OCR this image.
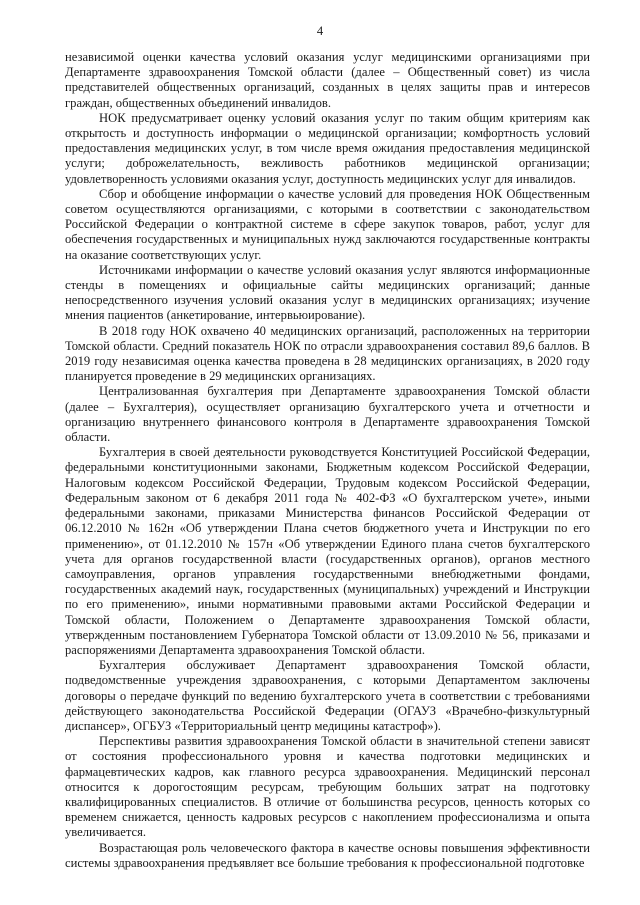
4

независимой оценки качества условий оказания услуг медицинскими организациями при Департаменте здравоохранения Томской области (далее – Общественный совет) из числа представителей общественных организаций, созданных в целях защиты прав и интересов граждан, общественных объединений инвалидов.

НОК предусматривает оценку условий оказания услуг по таким общим критериям как открытость и доступность информации о медицинской организации; комфортность условий предоставления медицинских услуг, в том числе время ожидания предоставления медицинской услуги; доброжелательность, вежливость работников медицинской организации; удовлетворенность условиями оказания услуг, доступность медицинских услуг для инвалидов.

Сбор и обобщение информации о качестве условий для проведения НОК Общественным советом осуществляются организациями, с которыми в соответствии с законодательством Российской Федерации о контрактной системе в сфере закупок товаров, работ, услуг для обеспечения государственных и муниципальных нужд заключаются государственные контракты на оказание соответствующих услуг.

Источниками информации о качестве условий оказания услуг являются информационные стенды в помещениях и официальные сайты медицинских организаций; данные непосредственного изучения условий оказания услуг в медицинских организациях; изучение мнения пациентов (анкетирование, интервьюирование).

В 2018 году НОК охвачено 40 медицинских организаций, расположенных на территории Томской области. Средний показатель НОК по отрасли здравоохранения составил 89,6 баллов. В 2019 году независимая оценка качества проведена в 28 медицинских организациях, в 2020 году планируется проведение в 29 медицинских организациях.

Централизованная бухгалтерия при Департаменте здравоохранения Томской области (далее – Бухгалтерия), осуществляет организацию бухгалтерского учета и отчетности и организацию внутреннего финансового контроля в Департаменте здравоохранения Томской области.

Бухгалтерия в своей деятельности руководствуется Конституцией Российской Федерации, федеральными конституционными законами, Бюджетным кодексом Российской Федерации, Налоговым кодексом Российской Федерации, Трудовым кодексом Российской Федерации, Федеральным законом от 6 декабря 2011 года № 402-ФЗ «О бухгалтерском учете», иными федеральными законами, приказами Министерства финансов Российской Федерации от 06.12.2010 № 162н «Об утверждении Плана счетов бюджетного учета и Инструкции по его применению», от 01.12.2010 № 157н «Об утверждении Единого плана счетов бухгалтерского учета для органов государственной власти (государственных органов), органов местного самоуправления, органов управления государственными внебюджетными фондами, государственных академий наук, государственных (муниципальных) учреждений и Инструкции по его применению», иными нормативными правовыми актами Российской Федерации и Томской области, Положением о Департаменте здравоохранения Томской области, утвержденным постановлением Губернатора Томской области от 13.09.2010 № 56, приказами и распоряжениями Департамента здравоохранения Томской области.

Бухгалтерия обслуживает Департамент здравоохранения Томской области, подведомственные учреждения здравоохранения, с которыми Департаментом заключены договоры о передаче функций по ведению бухгалтерского учета в соответствии с требованиями действующего законодательства Российской Федерации (ОГАУЗ «Врачебно-физкультурный диспансер», ОГБУЗ «Территориальный центр медицины катастроф»).

Перспективы развития здравоохранения Томской области в значительной степени зависят от состояния профессионального уровня и качества подготовки медицинских и фармацевтических кадров, как главного ресурса здравоохранения. Медицинский персонал относится к дорогостоящим ресурсам, требующим больших затрат на подготовку квалифицированных специалистов. В отличие от большинства ресурсов, ценность которых со временем снижается, ценность кадровых ресурсов с накоплением профессионализма и опыта увеличивается.

Возрастающая роль человеческого фактора в качестве основы повышения эффективности системы здравоохранения предъявляет все большие требования к профессиональной подготовке
